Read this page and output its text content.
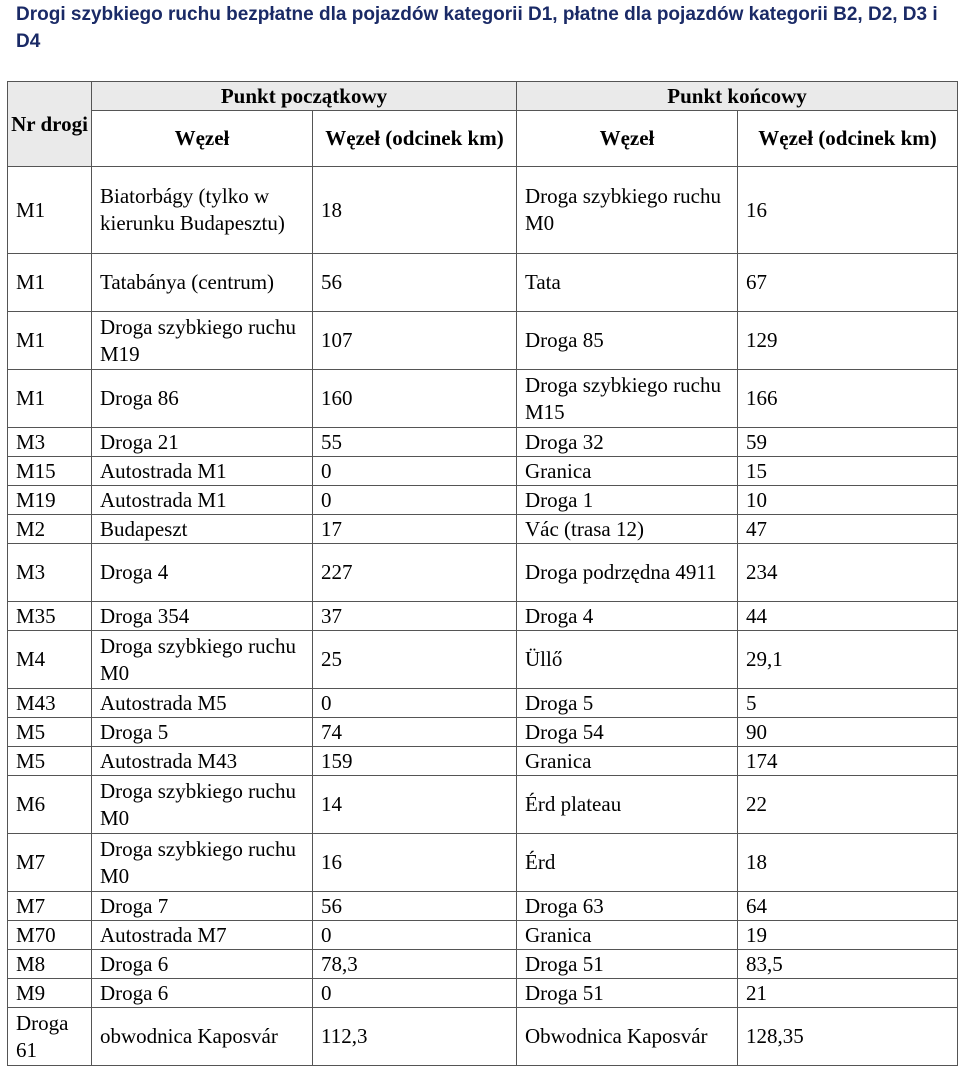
Drogi szybkiego ruchu bezpłatne dla pojazdów kategorii D1, płatne dla pojazdów kategorii B2, D2, D3 i D4
Nr drogi	Punkt początkowy		Punkt końcowy	
	Węzeł	Węzeł (odcinek km)	Węzeł	Węzeł (odcinek km)
M1	Biatorbágy (tylko w kierunku Budapesztu)	18	Droga szybkiego ruchu M0	16
M1	Tatabánya (centrum)	56	Tata	67
M1	Droga szybkiego ruchu M19	107	Droga 85	129
M1	Droga 86	160	Droga szybkiego ruchu M15	166
M3	Droga 21	55	Droga 32	59
M15	Autostrada M1	0	Granica	15
M19	Autostrada M1	0	Droga 1	10
M2	Budapeszt	17	Vác (trasa 12)	47
M3	Droga 4	227	Droga podrzędna 4911	234
M35	Droga 354	37	Droga 4	44
M4	Droga szybkiego ruchu M0	25	Üllő	29,1
M43	Autostrada M5	0	Droga 5	5
M5	Droga 5	74	Droga 54	90
M5	Autostrada M43	159	Granica	174
M6	Droga szybkiego ruchu M0	14	Érd plateau	22
M7	Droga szybkiego ruchu M0	16	Érd	18
M7	Droga 7	56	Droga 63	64
M70	Autostrada M7	0	Granica	19
M8	Droga 6	78,3	Droga 51	83,5
M9	Droga 6	0	Droga 51	21
Droga 61	obwodnica Kaposvár	112,3	Obwodnica Kaposvár	128,35
